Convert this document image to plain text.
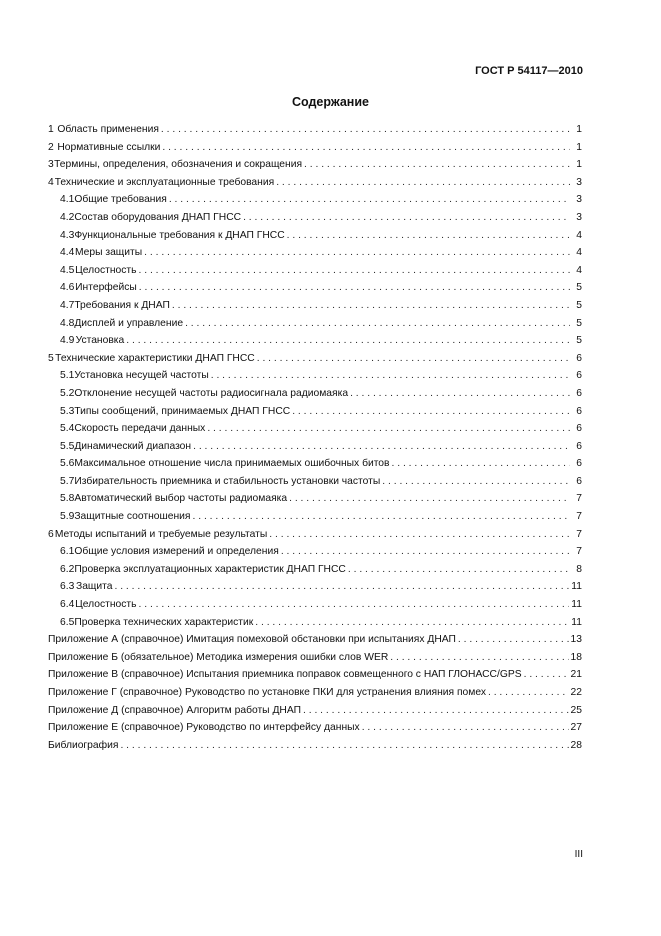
ГОСТ Р 54117—2010
Содержание
1 Область применения . . .	1
2 Нормативные ссылки . . .	1
3 Термины, определения, обозначения и сокращения . . .	1
4 Технические и эксплуатационные требования . . .	3
4.1 Общие требования . . .	3
4.2 Состав оборудования ДНАП ГНСС . . .	3
4.3 Функциональные требования к ДНАП ГНСС . . .	4
4.4 Меры защиты . . .	4
4.5 Целостность . . .	4
4.6 Интерфейсы . . .	5
4.7 Требования к ДНАП . . .	5
4.8 Дисплей и управление . . .	5
4.9 Установка . . .	5
5 Технические характеристики ДНАП ГНСС . . .	6
5.1 Установка несущей частоты . . .	6
5.2 Отклонение несущей частоты радиосигнала радиомаяка . . .	6
5.3 Типы сообщений, принимаемых ДНАП ГНСС . . .	6
5.4 Скорость передачи данных . . .	6
5.5 Динамический диапазон . . .	6
5.6 Максимальное отношение числа принимаемых ошибочных битов . . .	6
5.7 Избирательность приемника и стабильность установки частоты . . .	6
5.8 Автоматический выбор частоты радиомаяка . . .	7
5.9 Защитные соотношения . . .	7
6 Методы испытаний и требуемые результаты . . .	7
6.1 Общие условия измерений и определения . . .	7
6.2 Проверка эксплуатационных характеристик ДНАП ГНСС . . .	8
6.3 Защита . . .	11
6.4 Целостность . . .	11
6.5 Проверка технических характеристик . . .	11
Приложение А (справочное) Имитация помеховой обстановки при испытаниях ДНАП . . .	13
Приложение Б (обязательное) Методика измерения ошибки слов WER . . .	18
Приложение В (справочное) Испытания приемника поправок совмещенного с НАП ГЛОНАСС/GPS . . .	21
Приложение Г (справочное) Руководство по установке ПКИ для устранения влияния помех . . .	22
Приложение Д (справочное) Алгоритм работы ДНАП . . .	25
Приложение Е (справочное) Руководство по интерфейсу данных . . .	27
Библиография . . .	28
III
